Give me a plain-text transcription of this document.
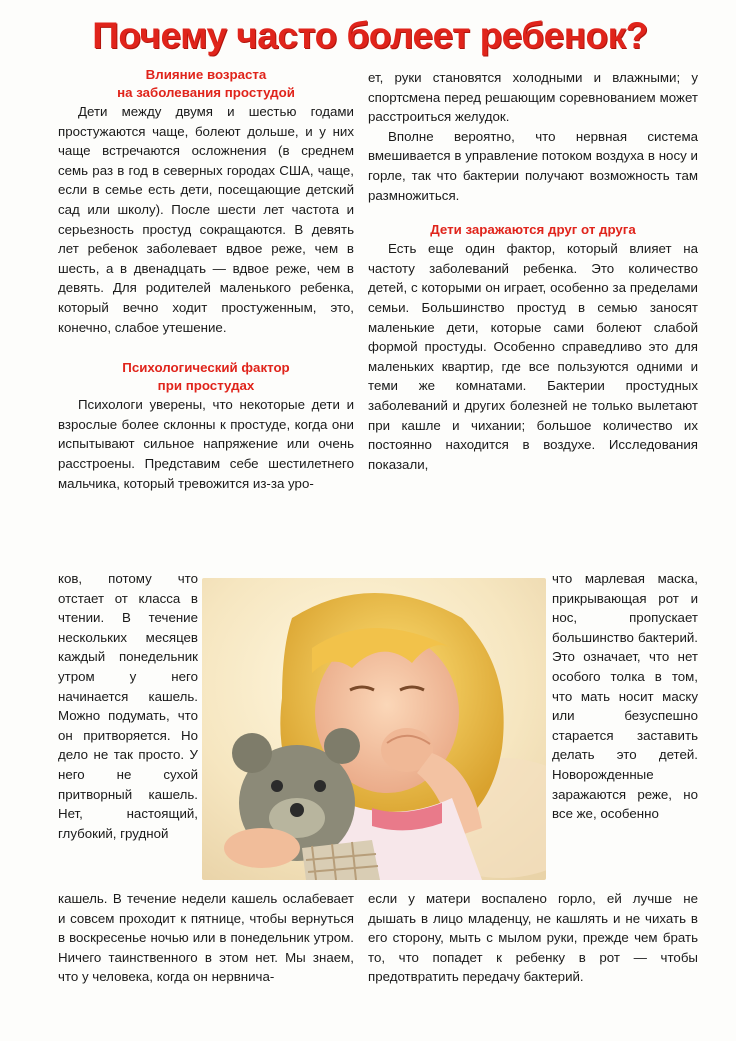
Почему часто болеет ребенок?
Влияние возраста
на заболевания простудой

Дети между двумя и шестью годами простужаются чаще, болеют дольше, и у них чаще встречаются осложнения (в среднем семь раз в год в северных городах США, чаще, если в семье есть дети, посещающие детский сад или школу). После шести лет частота и серьезность простуд сокращаются. В девять лет ребенок заболевает вдвое реже, чем в шесть, а в двенадцать — вдвое реже, чем в девять. Для родителей маленького ребенка, который вечно ходит простуженным, это, конечно, слабое утешение.

Психологический фактор
при простудах

Психологи уверены, что некоторые дети и взрослые более склонны к простуде, когда они испытывают сильное напряжение или очень расстроены. Представим себе шестилетнего мальчика, который тревожится из-за уро-

ет, руки становятся холодными и влажными; у спортсмена перед решающим соревнованием может расстроиться желудок.

Вполне вероятно, что нервная система вмешивается в управление потоком воздуха в носу и горле, так что бактерии получают возможность там размножиться.

Дети заражаются друг от друга

Есть еще один фактор, который влияет на частоту заболеваний ребенка. Это количество детей, с которыми он играет, особенно за пределами семьи. Большинство простуд в семью заносят маленькие дети, которые сами болеют слабой формой простуды. Особенно справедливо это для маленьких квартир, где все пользуются одними и теми же комнатами. Бактерии простудных заболеваний и других болезней не только вылетают при кашле и чихании; большое количество их постоянно находится в воздухе. Исследования показали,

ков, потому что отстает от класса в чтении. В течение нескольких месяцев каждый понедельник утром у него начинается кашель. Можно подумать, что он притворяется. Но дело не так просто. У него не сухой притворный кашель. Нет, настоящий, глубокий, грудной

что марлевая маска, прикрывающая рот и нос, пропускает большинство бактерий. Это означает, что нет особого толка в том, что мать носит маску или безуспешно старается заставить делать это детей. Новорожденные заражаются реже, но все же, особенно

кашель. В течение недели кашель ослабевает и совсем проходит к пятнице, чтобы вернуться в воскресенье ночью или в понедельник утром. Ничего таинственного в этом нет. Мы знаем, что у человека, когда он нервнича-

если у матери воспалено горло, ей лучше не дышать в лицо младенцу, не кашлять и не чихать в его сторону, мыть с мылом руки, прежде чем брать то, что попадет к ребенку в рот — чтобы предотвратить передачу бактерий.
